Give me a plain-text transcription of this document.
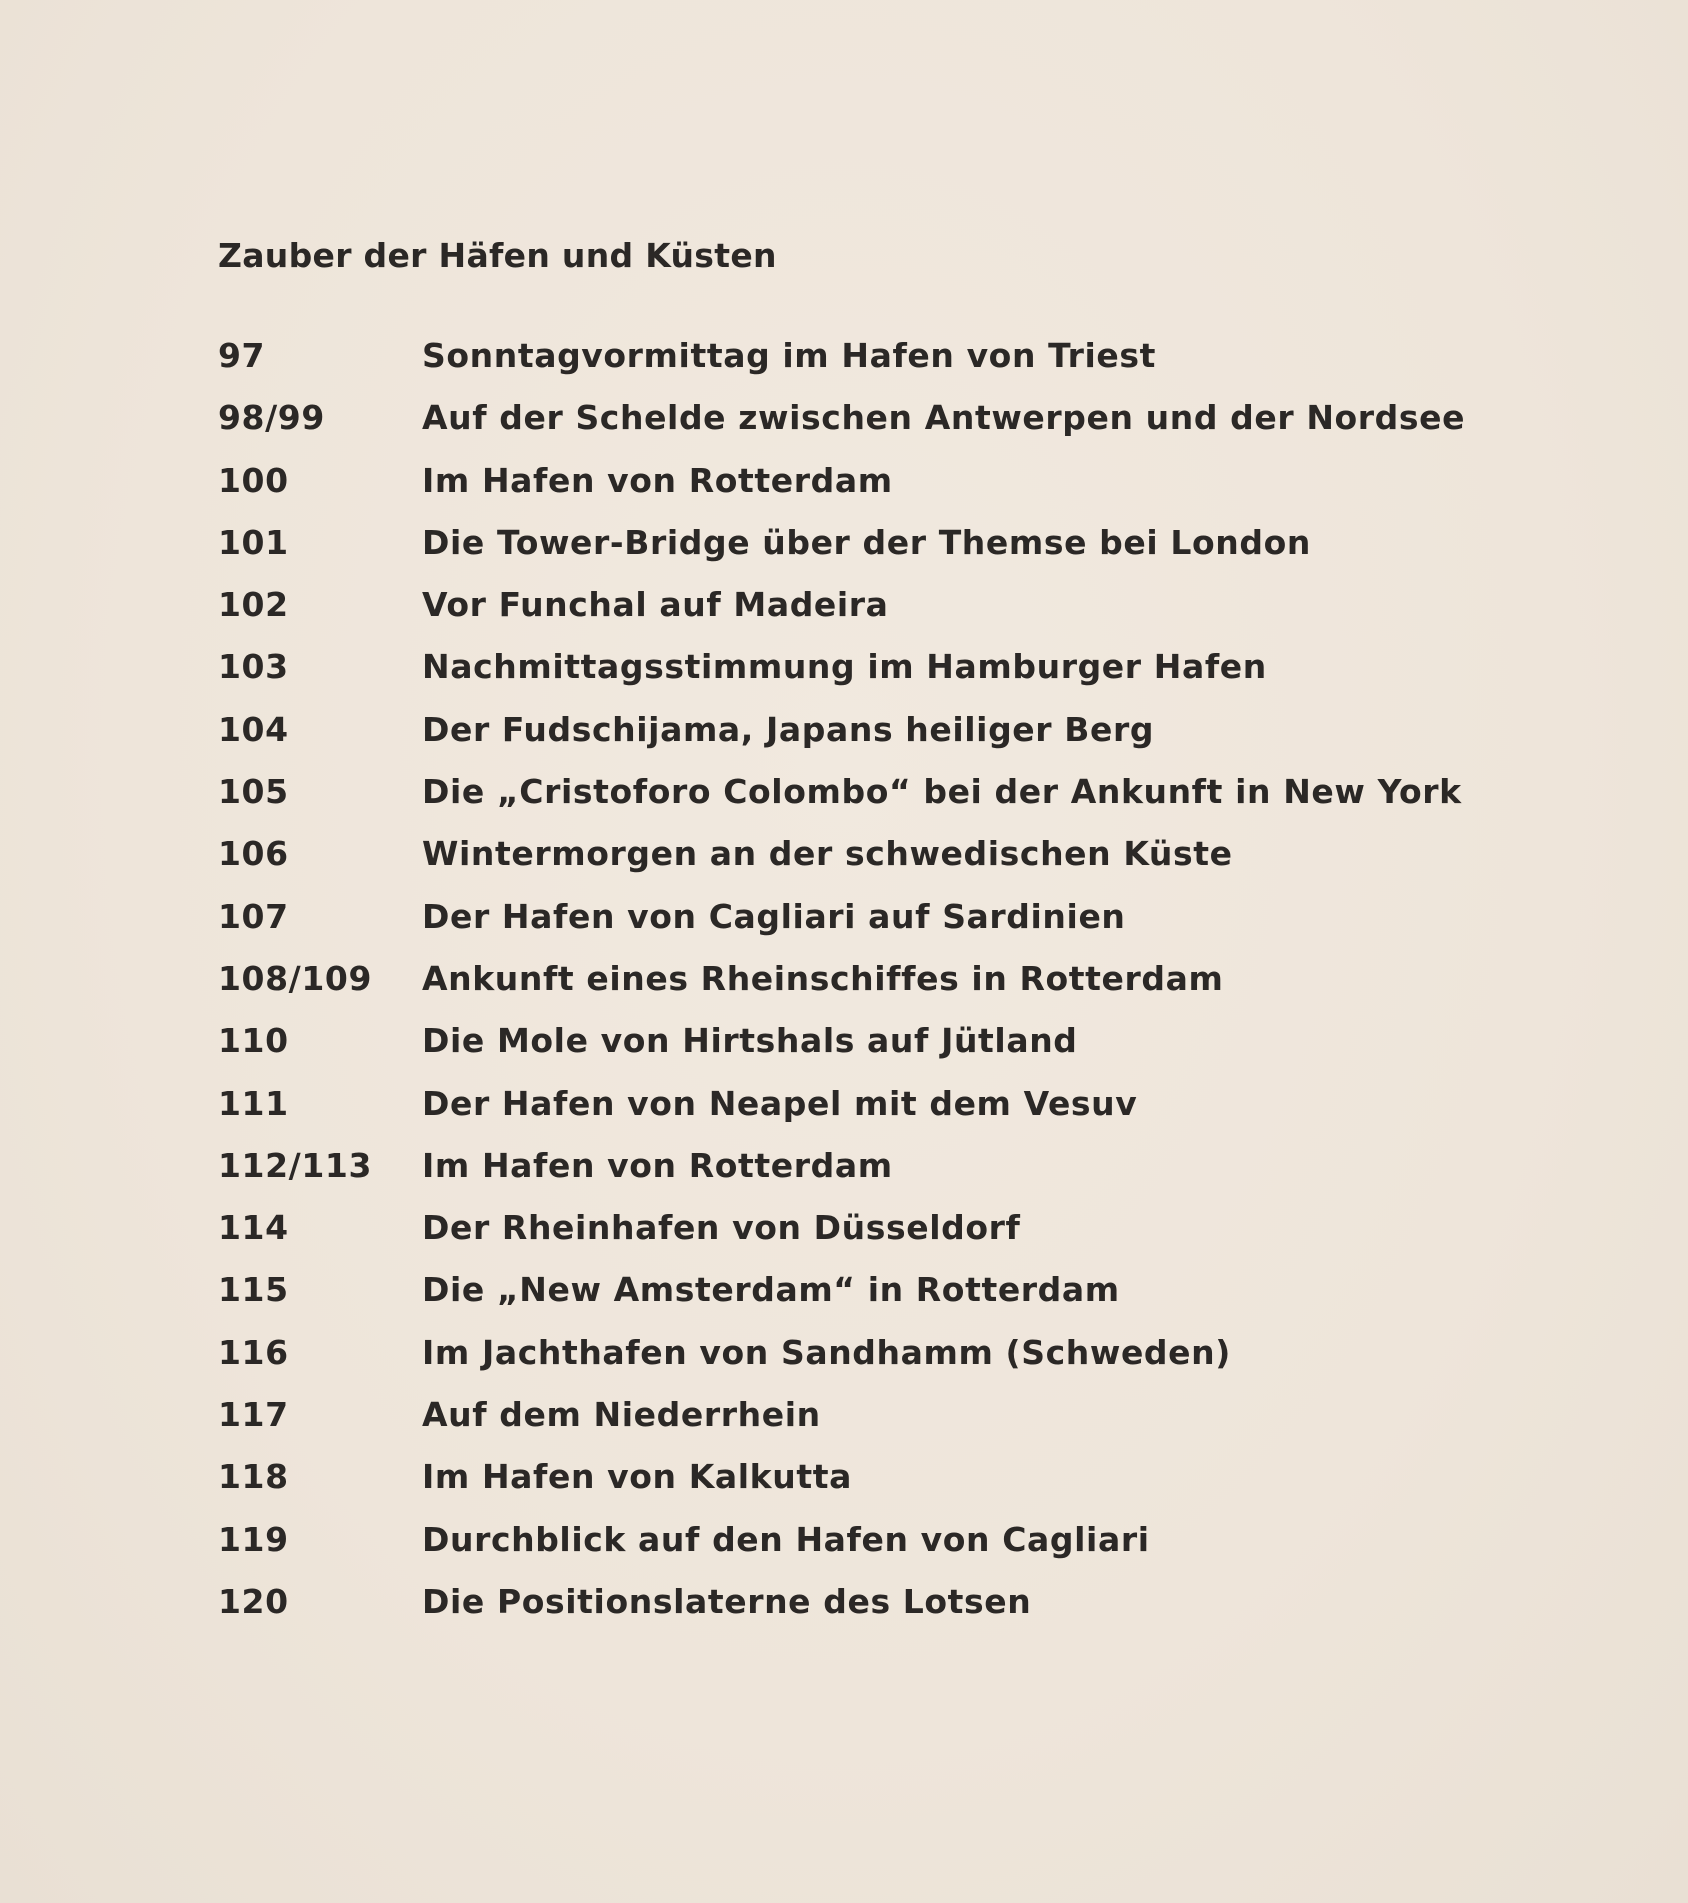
Zauber der Häfen und Küsten
97	Sonntagvormittag im Hafen von Triest
98/99	Auf der Schelde zwischen Antwerpen und der Nordsee
100	Im Hafen von Rotterdam
101	Die Tower-Bridge über der Themse bei London
102	Vor Funchal auf Madeira
103	Nachmittagsstimmung im Hamburger Hafen
104	Der Fudschijama, Japans heiliger Berg
105	Die „Cristoforo Colombo“ bei der Ankunft in New York
106	Wintermorgen an der schwedischen Küste
107	Der Hafen von Cagliari auf Sardinien
108/109	Ankunft eines Rheinschiffes in Rotterdam
110	Die Mole von Hirtshals auf Jütland
111	Der Hafen von Neapel mit dem Vesuv
112/113	Im Hafen von Rotterdam
114	Der Rheinhafen von Düsseldorf
115	Die „New Amsterdam“ in Rotterdam
116	Im Jachthafen von Sandhamm (Schweden)
117	Auf dem Niederrhein
118	Im Hafen von Kalkutta
119	Durchblick auf den Hafen von Cagliari
120	Die Positionslaterne des Lotsen
